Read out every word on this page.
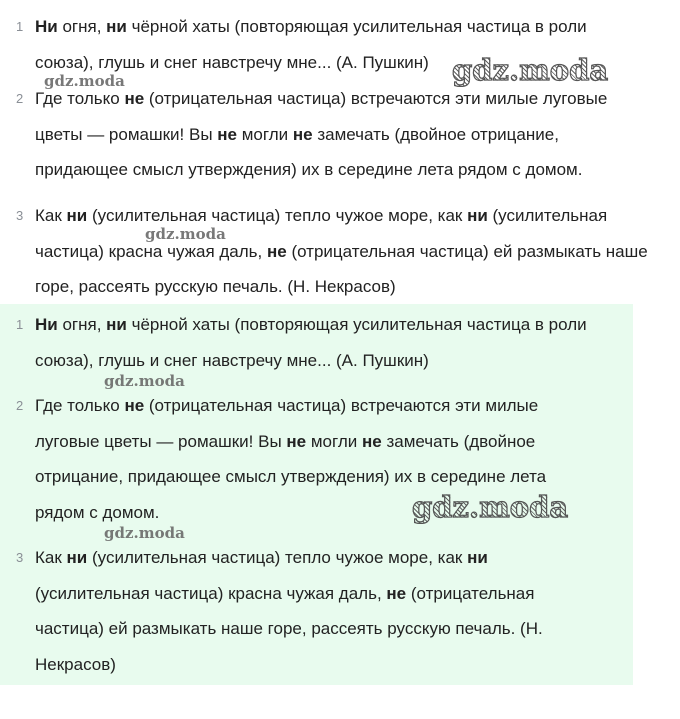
1 Ни огня, ни чёрной хаты (повторяющая усилительная частица в роли союза), глушь и снег навстречу мне... (А. Пушкин)
2 Где только не (отрицательная частица) встречаются эти милые луговые цветы — ромашки! Вы не могли не замечать (двойное отрицание, придающее смысл утверждения) их в середине лета рядом с домом.
3 Как ни (усилительная частица) тепло чужое море, как ни (усилительная частица) красна чужая даль, не (отрицательная частица) ей размыкать наше горе, рассеять русскую печаль. (Н. Некрасов)
1 Ни огня, ни чёрной хаты (повторяющая усилительная частица в роли союза), глушь и снег навстречу мне... (А. Пушкин)
2 Где только не (отрицательная частица) встречаются эти милые луговые цветы — ромашки! Вы не могли не замечать (двойное отрицание, придающее смысл утверждения) их в середине лета рядом с домом.
3 Как ни (усилительная частица) тепло чужое море, как ни (усилительная частица) красна чужая даль, не (отрицательная частица) ей размыкать наше горе, рассеять русскую печаль. (Н. Некрасов)
gdz.moda	gdz.moda
gdz.moda
gdz.moda
gdz.moda
gdz.moda
